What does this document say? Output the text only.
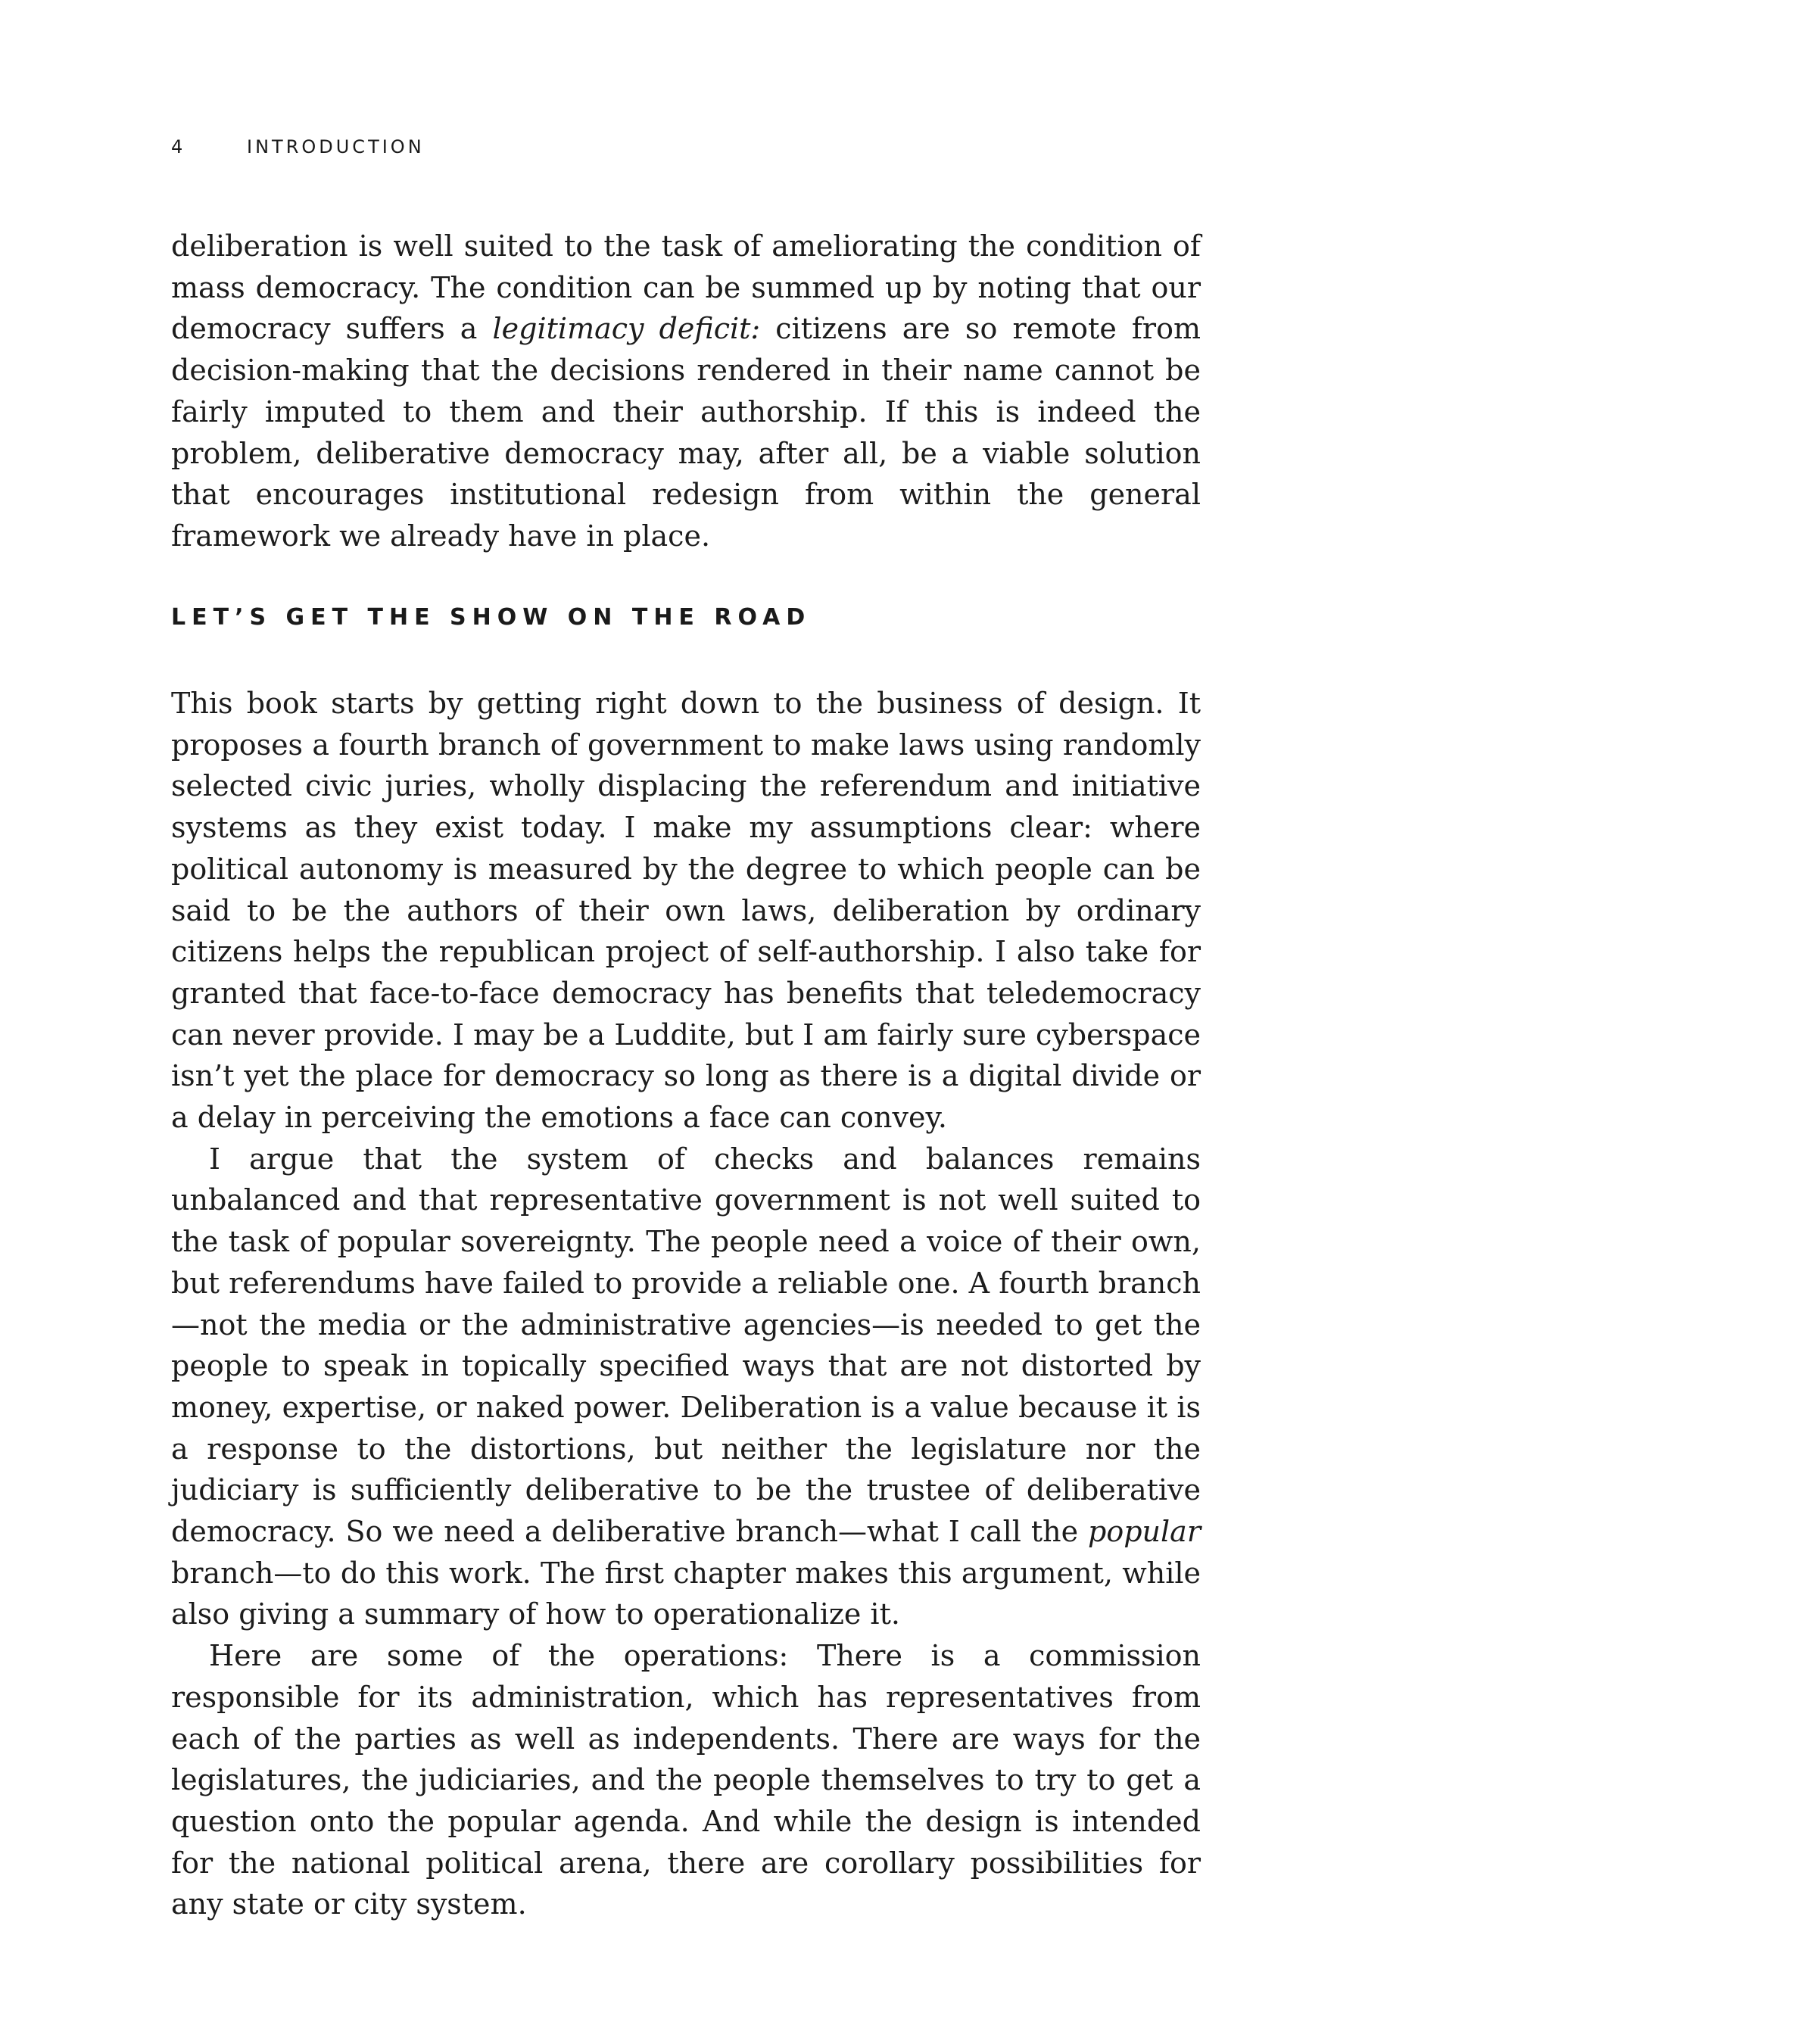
4	INTRODUCTION

deliberation is well suited to the task of ameliorating the condition of mass democracy. The condition can be summed up by noting that our democracy suffers a legitimacy deficit: citizens are so remote from decision-making that the decisions rendered in their name cannot be fairly imputed to them and their authorship. If this is indeed the problem, deliberative democracy may, after all, be a viable solution that encourages institutional redesign from within the general framework we already have in place.

LET’S GET THE SHOW ON THE ROAD

This book starts by getting right down to the business of design. It proposes a fourth branch of government to make laws using randomly selected civic juries, wholly displacing the referendum and initiative systems as they exist today. I make my assumptions clear: where political autonomy is measured by the degree to which people can be said to be the authors of their own laws, deliberation by ordinary citizens helps the republican project of self-authorship. I also take for granted that face-to-face democracy has benefits that teledemocracy can never provide. I may be a Luddite, but I am fairly sure cyberspace isn’t yet the place for democracy so long as there is a digital divide or a delay in perceiving the emotions a face can convey.

I argue that the system of checks and balances remains unbalanced and that representative government is not well suited to the task of popular sovereignty. The people need a voice of their own, but referendums have failed to provide a reliable one. A fourth branch—not the media or the administrative agencies—is needed to get the people to speak in topically specified ways that are not distorted by money, expertise, or naked power. Deliberation is a value because it is a response to the distortions, but neither the legislature nor the judiciary is sufficiently deliberative to be the trustee of deliberative democracy. So we need a deliberative branch—what I call the popular branch—to do this work. The first chapter makes this argument, while also giving a summary of how to operationalize it.

Here are some of the operations: There is a commission responsible for its administration, which has representatives from each of the parties as well as independents. There are ways for the legislatures, the judiciaries, and the people themselves to try to get a question onto the popular agenda. And while the design is intended for the national political arena, there are corollary possibilities for any state or city system.
